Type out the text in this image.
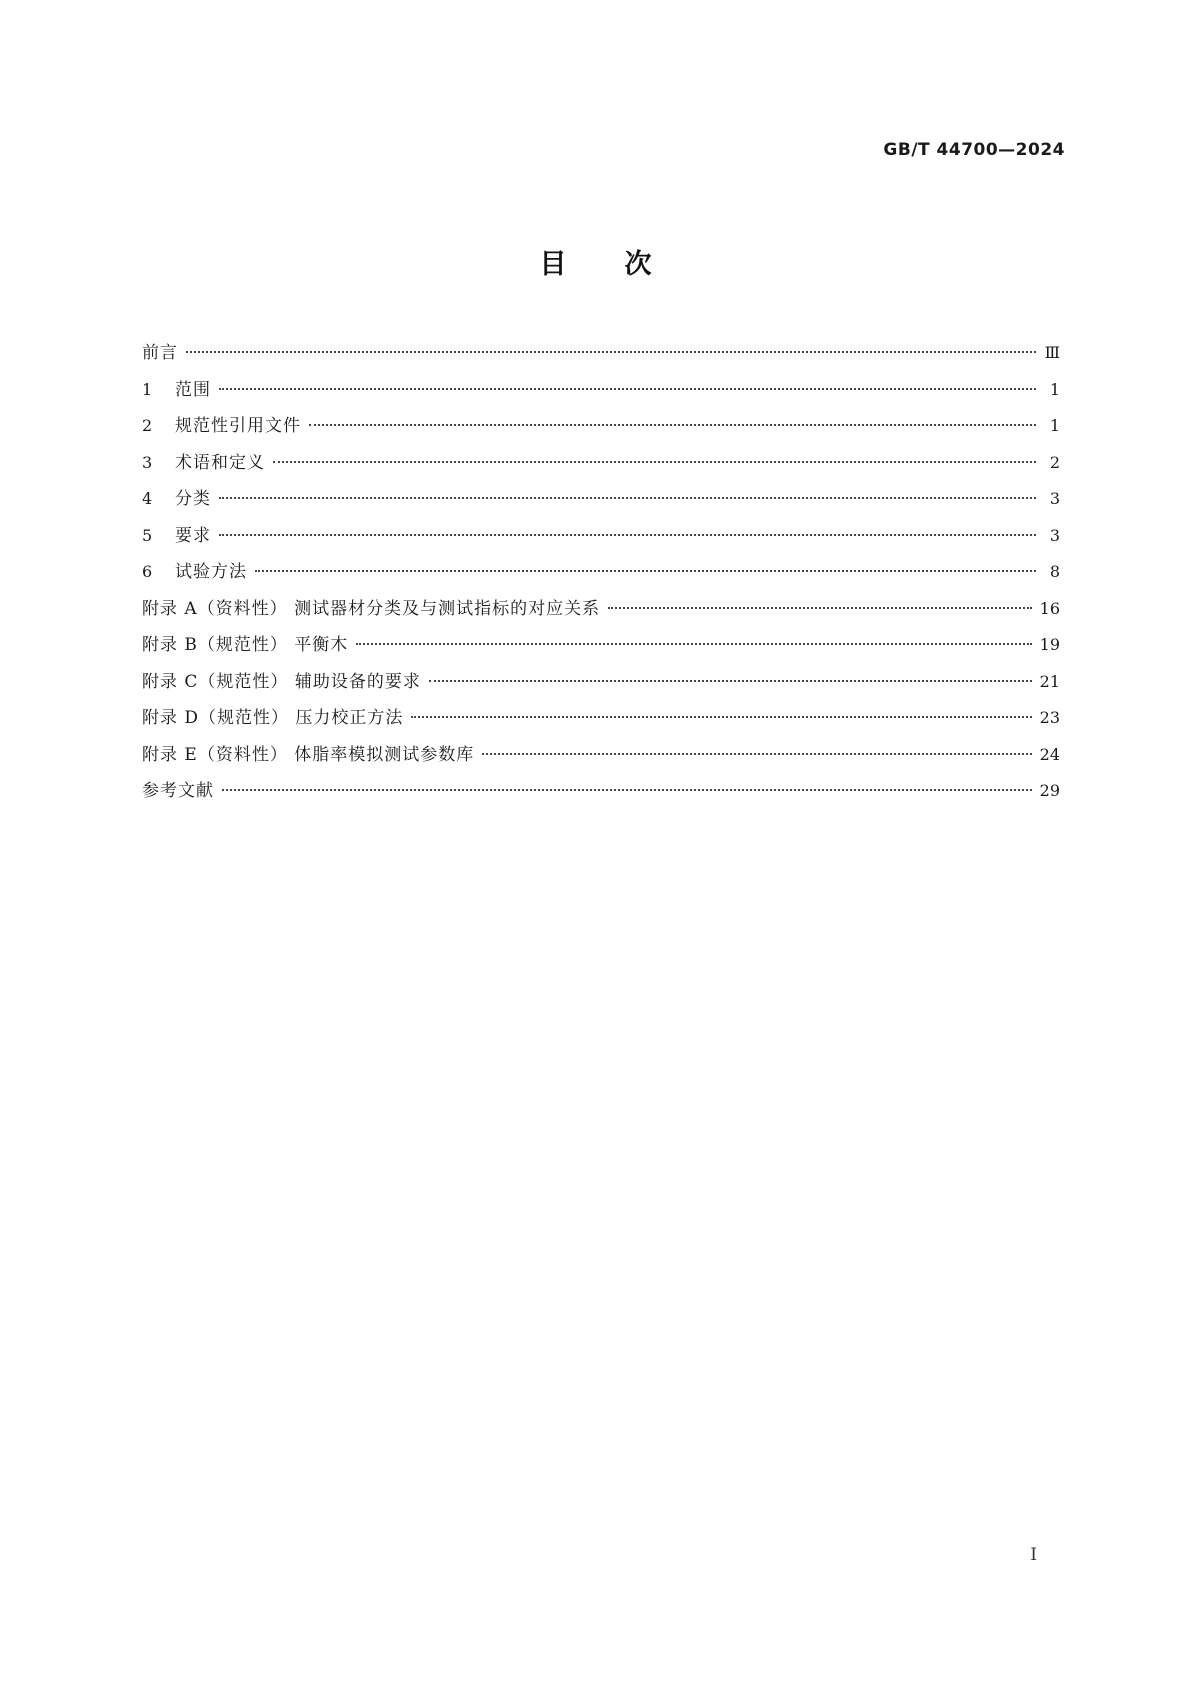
GB/T 44700—2024
目次
前言	Ⅲ
1	范围	1
2	规范性引用文件	1
3	术语和定义	2
4	分类	3
5	要求	3
6	试验方法	8
附录 A（资料性） 测试器材分类及与测试指标的对应关系	16
附录 B（规范性） 平衡木	19
附录 C（规范性） 辅助设备的要求	21
附录 D（规范性） 压力校正方法	23
附录 E（资料性） 体脂率模拟测试参数库	24
参考文献	29
I
